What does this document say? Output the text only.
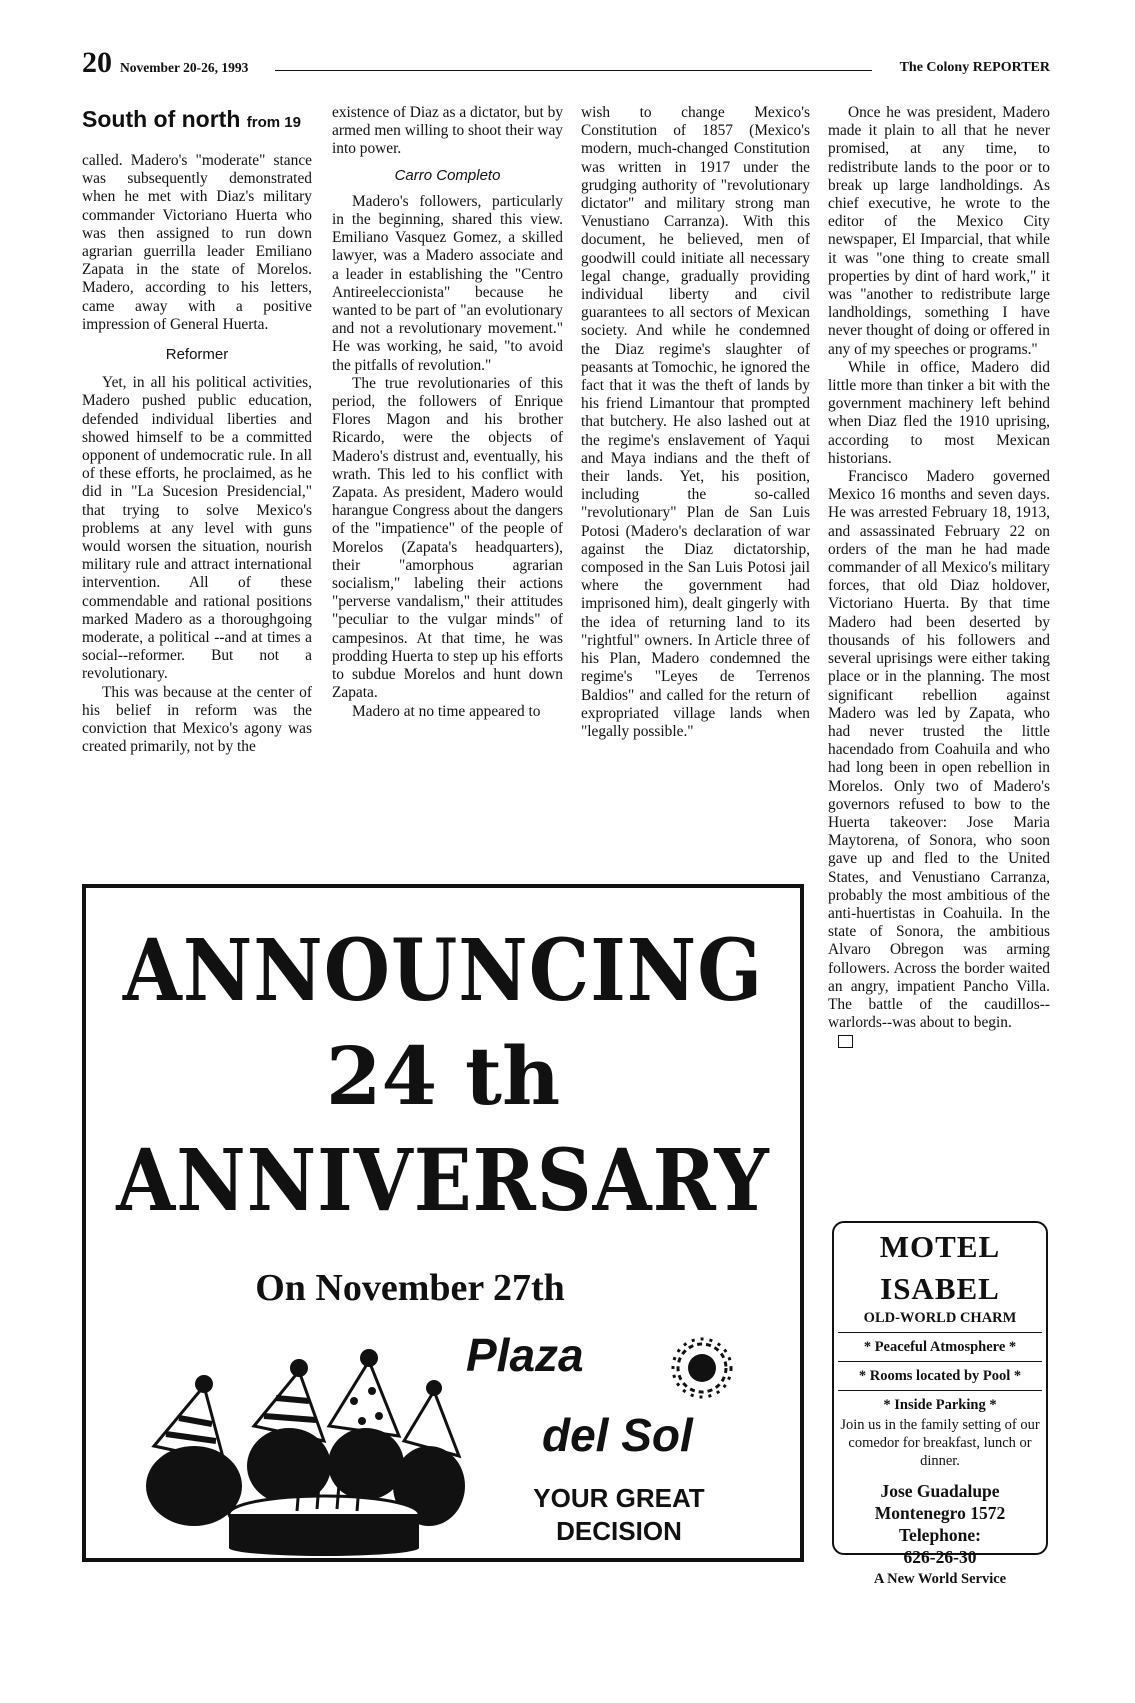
20 November 20-26, 1993	The Colony REPORTER
South of north from 19

called. Madero's "moderate" stance was subsequently demonstrated when he met with Diaz's military commander Victoriano Huerta who was then assigned to run down agrarian guerrilla leader Emiliano Zapata in the state of Morelos. Madero, according to his letters, came away with a positive impression of General Huerta.

Reformer

Yet, in all his political activities, Madero pushed public education, defended individual liberties and showed himself to be a committed opponent of undemocratic rule. In all of these efforts, he proclaimed, as he did in "La Sucesion Presidencial," that trying to solve Mexico's problems at any level with guns would worsen the situation, nourish military rule and attract international intervention. All of these commendable and rational positions marked Madero as a thoroughgoing moderate, a political --and at times a social--reformer. But not a revolutionary.

This was because at the center of his belief in reform was the conviction that Mexico's agony was created primarily, not by the

existence of Diaz as a dictator, but by armed men willing to shoot their way into power.

Carro Completo

Madero's followers, particularly in the beginning, shared this view. Emiliano Vasquez Gomez, a skilled lawyer, was a Madero associate and a leader in establishing the "Centro Antireeleccionista" because he wanted to be part of "an evolutionary and not a revolutionary movement." He was working, he said, "to avoid the pitfalls of revolution."

The true revolutionaries of this period, the followers of Enrique Flores Magon and his brother Ricardo, were the objects of Madero's distrust and, eventually, his wrath. This led to his conflict with Zapata. As president, Madero would harangue Congress about the dangers of the "impatience" of the people of Morelos (Zapata's headquarters), their "amorphous agrarian socialism," labeling their actions "perverse vandalism," their attitudes "peculiar to the vulgar minds" of campesinos. At that time, he was prodding Huerta to step up his efforts to subdue Morelos and hunt down Zapata.

Madero at no time appeared to

wish to change Mexico's Constitution of 1857 (Mexico's modern, much-changed Constitution was written in 1917 under the grudging authority of "revolutionary dictator" and military strong man Venustiano Carranza). With this document, he believed, men of goodwill could initiate all necessary legal change, gradually providing individual liberty and civil guarantees to all sectors of Mexican society. And while he condemned the Diaz regime's slaughter of peasants at Tomochic, he ignored the fact that it was the theft of lands by his friend Limantour that prompted that butchery. He also lashed out at the regime's enslavement of Yaqui and Maya indians and the theft of their lands. Yet, his position, including the so-called "revolutionary" Plan de San Luis Potosi (Madero's declaration of war against the Diaz dictatorship, composed in the San Luis Potosi jail where the government had imprisoned him), dealt gingerly with the idea of returning land to its "rightful" owners. In Article three of his Plan, Madero condemned the regime's "Leyes de Terrenos Baldios" and called for the return of expropriated village lands when "legally possible."

Once he was president, Madero made it plain to all that he never promised, at any time, to redistribute lands to the poor or to break up large landholdings. As chief executive, he wrote to the editor of the Mexico City newspaper, El Imparcial, that while it was "one thing to create small properties by dint of hard work," it was "another to redistribute large landholdings, something I have never thought of doing or offered in any of my speeches or programs."

While in office, Madero did little more than tinker a bit with the government machinery left behind when Diaz fled the 1910 uprising, according to most Mexican historians.

Francisco Madero governed Mexico 16 months and seven days. He was arrested February 18, 1913, and assassinated February 22 on orders of the man he had made commander of all Mexico's military forces, that old Diaz holdover, Victoriano Huerta. By that time Madero had been deserted by thousands of his followers and several uprisings were either taking place or in the planning. The most significant rebellion against Madero was led by Zapata, who had never trusted the little hacendado from Coahuila and who had long been in open rebellion in Morelos. Only two of Madero's governors refused to bow to the Huerta takeover: Jose Maria Maytorena, of Sonora, who soon gave up and fled to the United States, and Venustiano Carranza, probably the most ambitious of the anti-huertistas in Coahuila. In the state of Sonora, the ambitious Alvaro Obregon was arming followers. Across the border waited an angry, impatient Pancho Villa. The battle of the caudillos--warlords--was about to begin.

ANNOUNCING
24 th
ANNIVERSARY
On November 27th
Plaza
del Sol
YOUR GREAT
DECISION
MOTEL
ISABEL
OLD-WORLD CHARM
* Peaceful Atmosphere *
* Rooms located by Pool *
* Inside Parking *
Join us in the family setting of our comedor for breakfast, lunch or dinner.
Jose Guadalupe
Montenegro 1572
Telephone:
626-26-30
A New World Service
